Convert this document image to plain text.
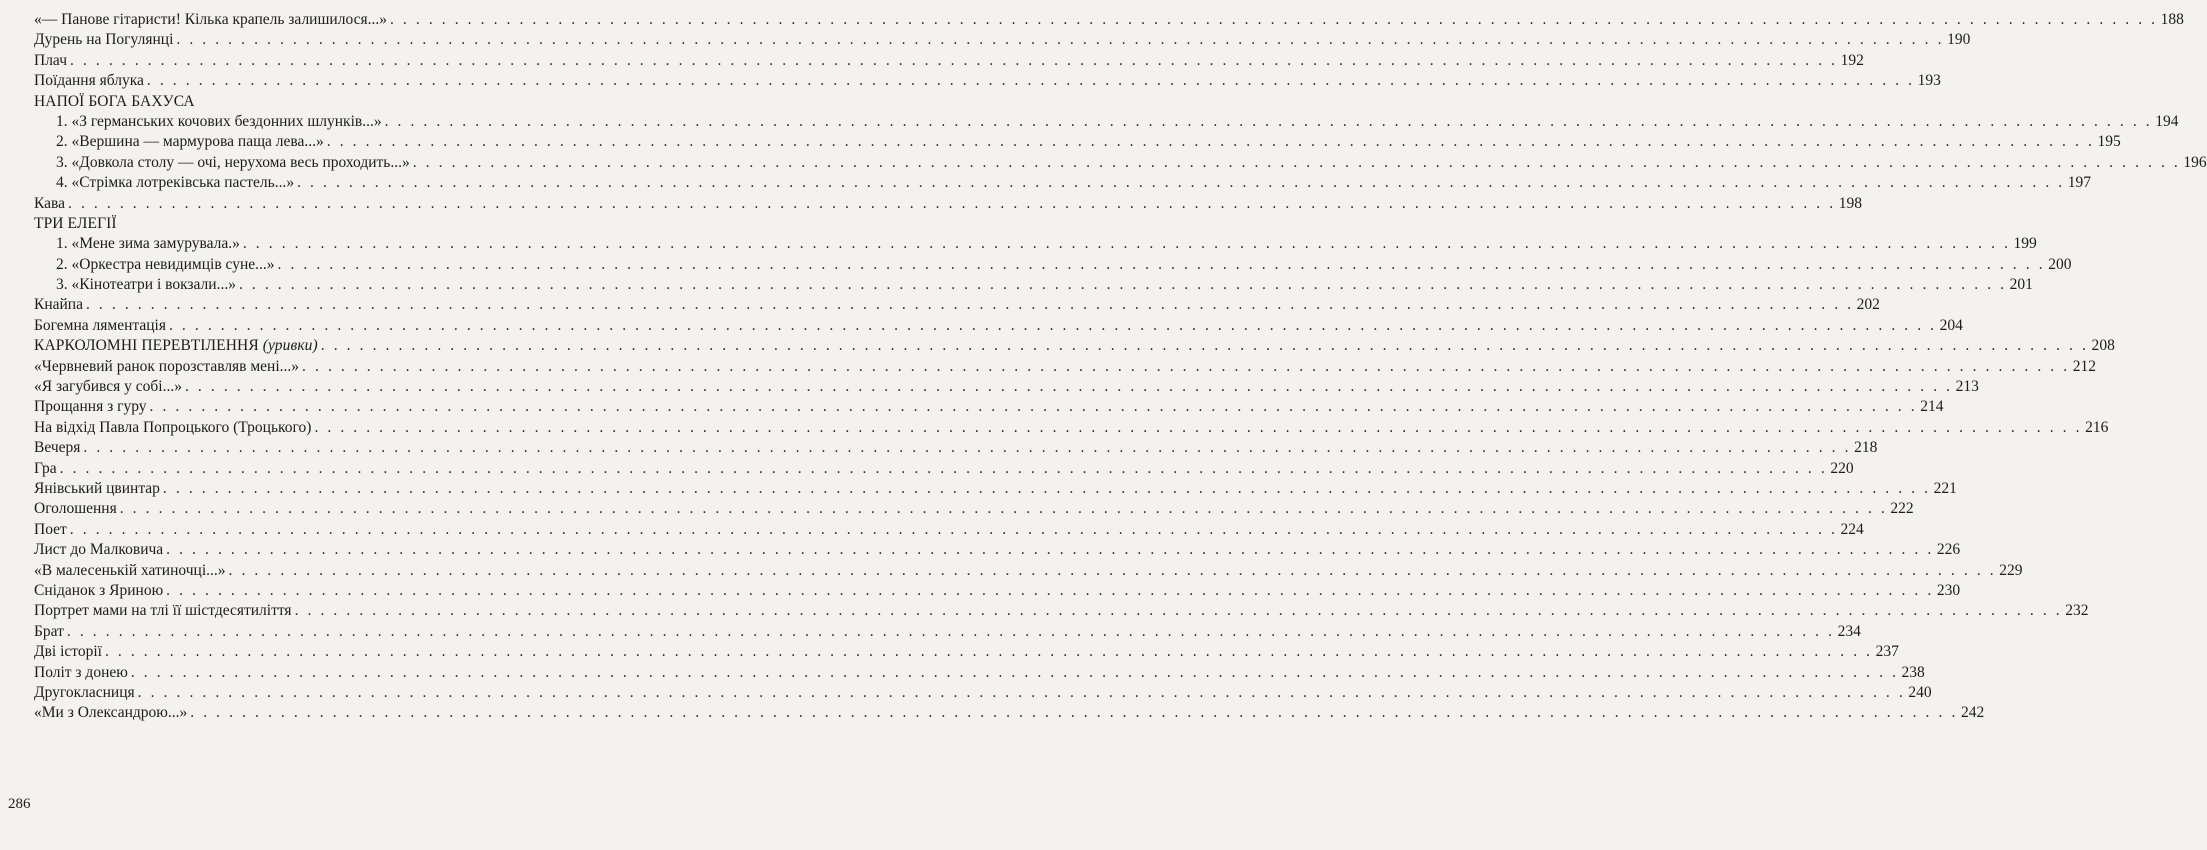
«— Панове гітаристи! Кількa крапель залишилося...» . . .	188
Дурень на Погулянці . . .	190
Плач . . .	192
Поїдання яблука . . .	193
НАПОЇ БОГА БАХУСА
1. «З германських кочових бездонних шлунків...» . . .	194
2. «Вершина — мармурова паща лева...» . . .	195
3. «Довкола столу — очі, нерухома весь проходить...» . . .	196
4. «Стрімка лотреківська пастель...» . . .	197
Кава . . .	198
ТРИ ЕЛЕГІЇ
1. «Мене зима замурувала.» . . .	199
2. «Оркестра невидимців суне...» . . .	200
3. «Кінотеатри і вокзали...» . . .	201
Кнайпа . . .	202
Богемна ляментація . . .	204
КАРКОЛОМНІ ПЕРЕВТІЛЕННЯ (уривки) . . .	208
«Червневий ранок порозставляв мені...» . . .	212
«Я загубився у собі...» . . .	213
Прощання з гуру . . .	214
На відхід Павла Попроцького (Троцького) . . .	216
Вечеря . . .	218
Гра . . .	220
Янівський цвинтар . . .	221
Оголошення . . .	222
Поет . . .	224
Лист до Малковича . . .	226
«В малесенькій хатиночці...» . . .	229
Сніданок з Яриною . . .	230
Портрет мами на тлі її шістдесятиліття . . .	232
Брат . . .	234
Дві історії . . .	237
Політ з донею . . .	238
Другокласниця . . .	240
«Ми з Олександрою...» . . .	242
286
